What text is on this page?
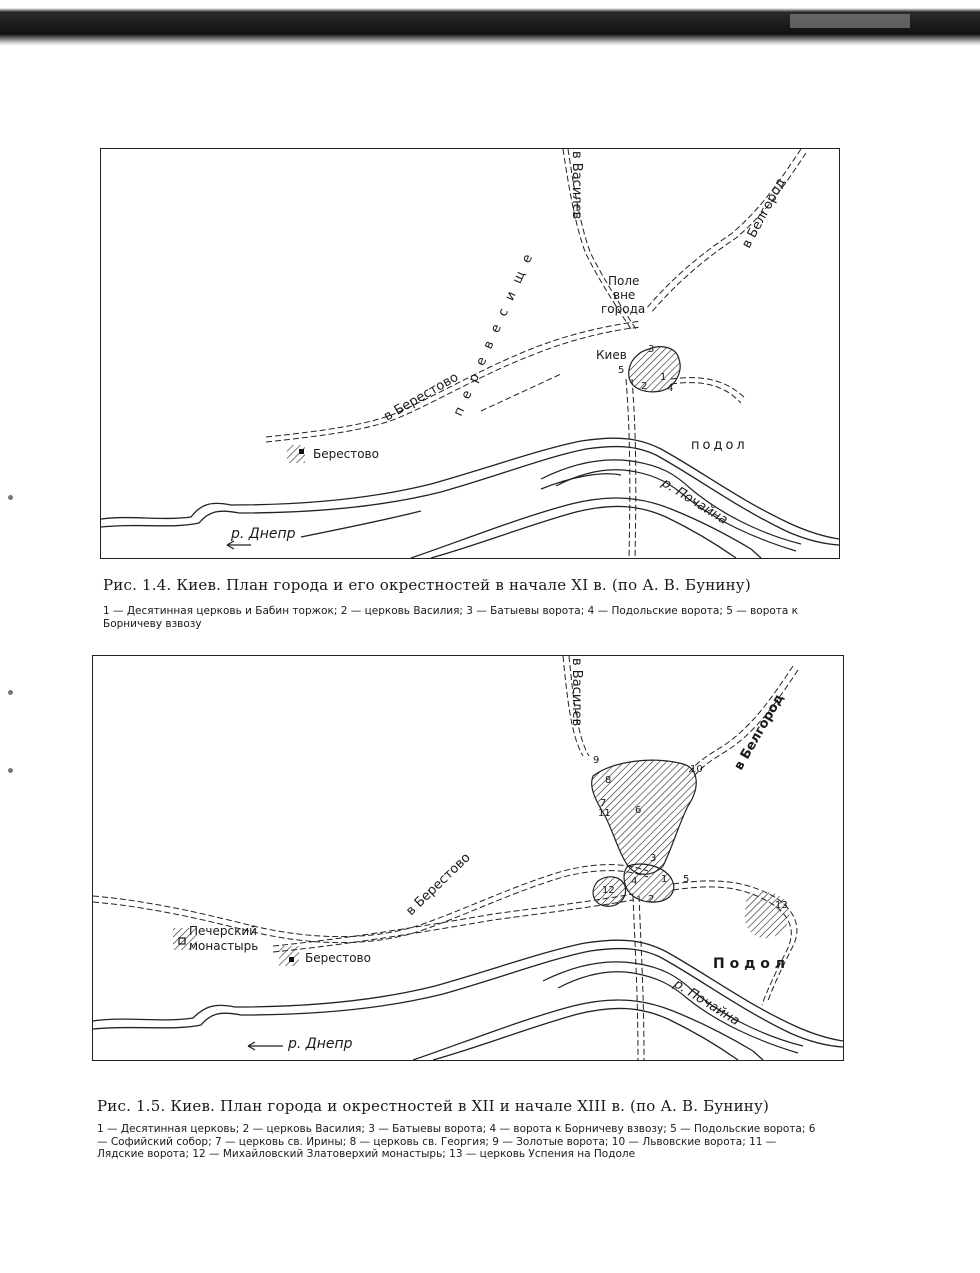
в Василев	в Белгород
в Берестово
Поле
вне
города
Киев
Берестово
подол
р. Почайна
р. Днепр
п е р е в е с и щ е	1
2
3
4
5
Рис. 1.4. Киев. План города и его окрестностей в начале XI в. (по А. В. Бунину)
1 — Десятинная церковь и Бабин торжок; 2 — церковь Василия; 3 — Батыевы ворота; 4 — Подольские ворота; 5 — ворота к Борничеву взвозу
в Василев	в Белгород
в Берестово
Печерский
монастырь
Берестово	П о д о л
р. Почайна
р. Днепр
1
2
3
4	5
6
7
8
9
10
11
12
13
Рис. 1.5. Киев. План города и окрестностей в XII и начале XIII в. (по А. В. Бунину)
1 — Десятинная церковь; 2 — церковь Василия; 3 — Батыевы ворота; 4 — ворота к Борничеву взвозу; 5 — Подольские ворота; 6 — Софийский собор; 7 — церковь св. Ирины; 8 — церковь св. Георгия; 9 — Золотые ворота; 10 — Львовские ворота; 11 — Лядские ворота; 12 — Михайловский Златоверхий монастырь; 13 — церковь Успения на Подоле
